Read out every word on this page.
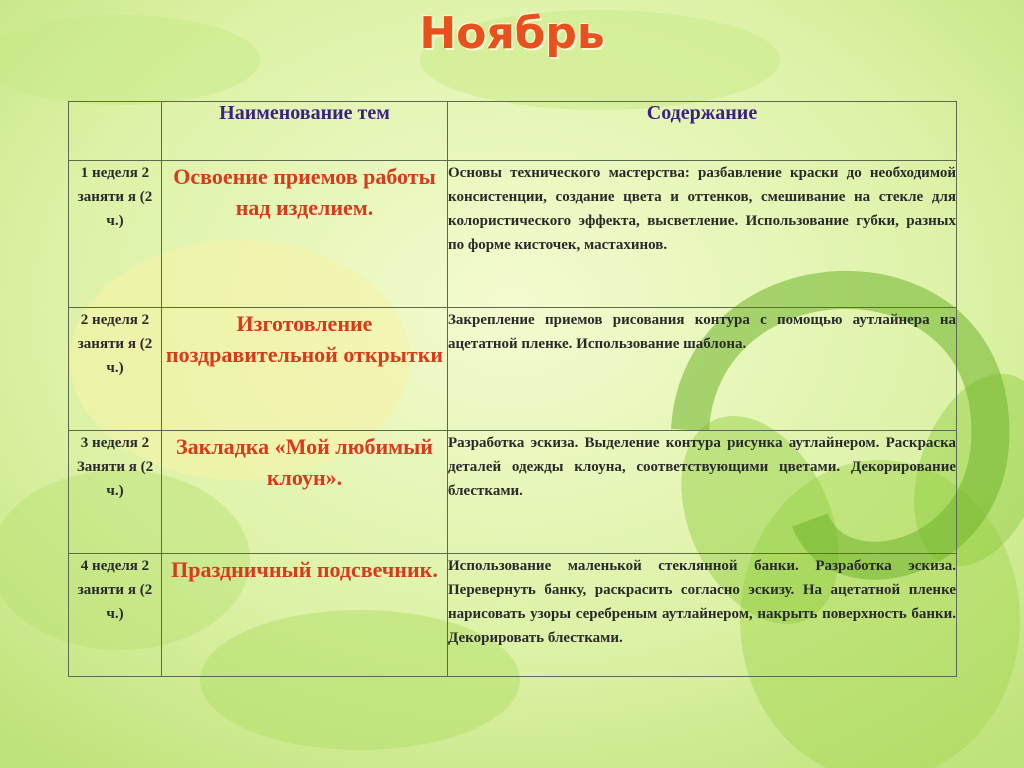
Ноябрь
	Наименование тем	Содержание
1 неделя 2 заняти я (2 ч.)	Освоение приемов работы над изделием.	Основы технического мастерства: разбавление краски до необходимой консистенции, создание цвета и оттенков, смешивание на стекле для колористического эффекта, высветление. Использование губки, разных по форме кисточек, мастахинов.
2 неделя 2 заняти я (2 ч.)	Изготовление поздравительной открытки	Закрепление приемов рисования контура с помощью аутлайнера на ацетатной пленке. Использование шаблона.
3 неделя 2 Заняти я (2 ч.)	Закладка «Мой любимый клоун».	Разработка эскиза. Выделение контура рисунка аутлайнером. Раскраска деталей одежды клоуна, соответствующими цветами. Декорирование блестками.
4 неделя 2 заняти я (2 ч.)	Праздничный подсвечник.	Использование маленькой стеклянной банки. Разработка эскиза. Перевернуть банку, раскрасить согласно эскизу. На ацетатной пленке нарисовать узоры серебреным аутлайнером, накрыть поверхность банки. Декорировать блестками.
